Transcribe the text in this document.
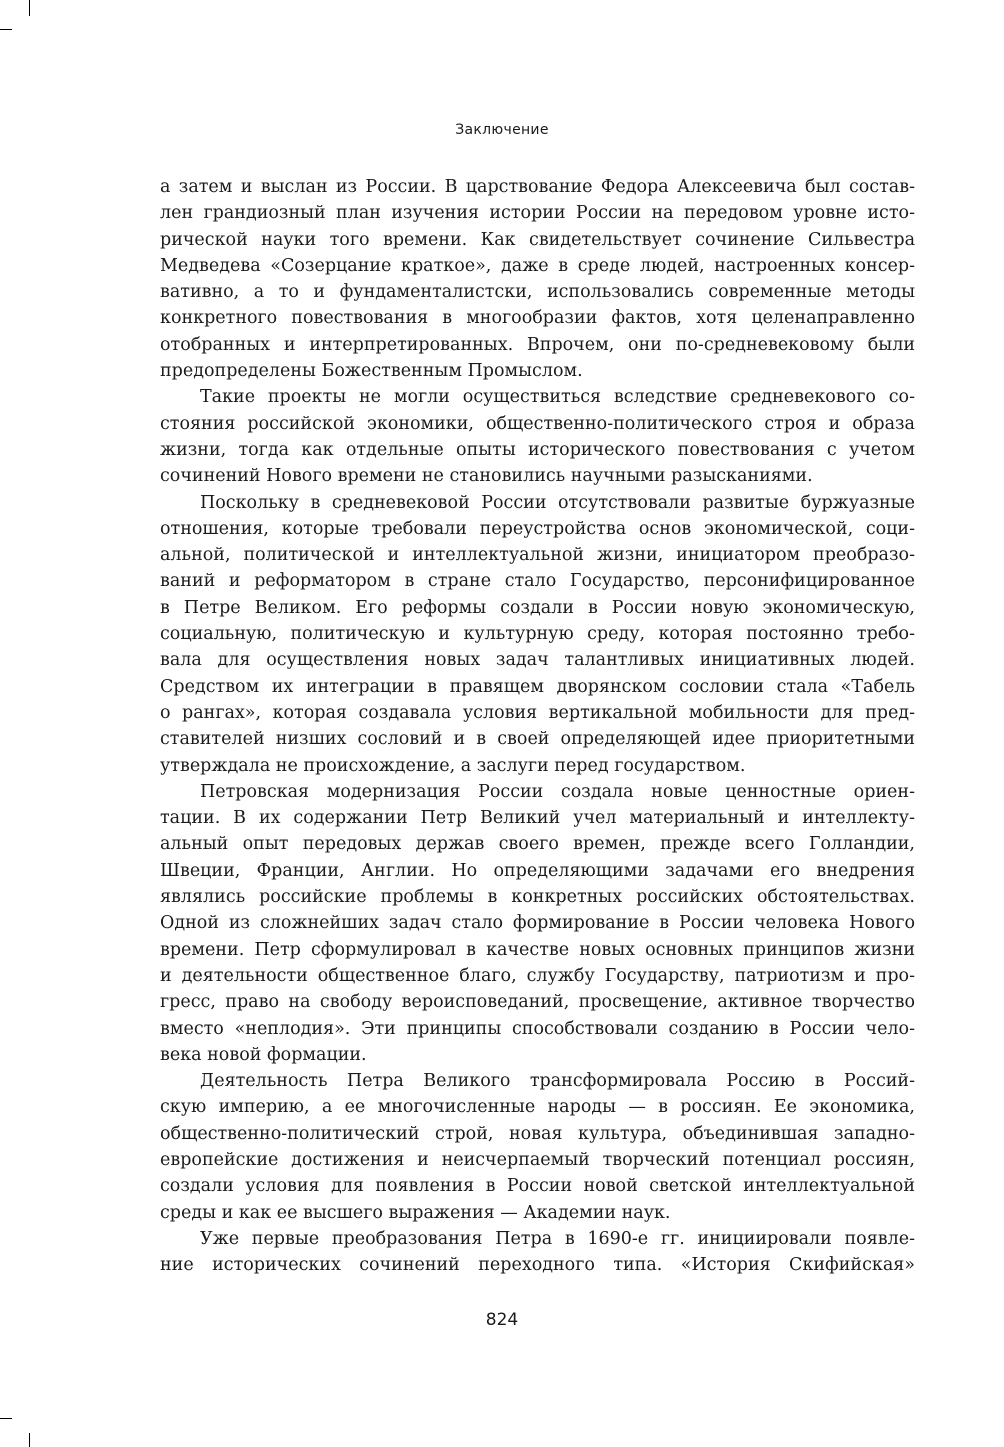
Заключение
а затем и выслан из России. В царствование Федора Алексеевича был состав-
лен грандиозный план изучения истории России на передовом уровне исто-
рической науки того времени. Как свидетельствует сочинение Сильвестра
Медведева «Созерцание краткое», даже в среде людей, настроенных консер-
вативно, а то и фундаменталистски, использовались современные методы
конкретного повествования в многообразии фактов, хотя целенаправленно
отобранных и интерпретированных. Впрочем, они по-средневековому были
предопределены Божественным Промыслом.
Такие проекты не могли осуществиться вследствие средневекового со-
стояния российской экономики, общественно-политического строя и образа
жизни, тогда как отдельные опыты исторического повествования с учетом
сочинений Нового времени не становились научными разысканиями.
Поскольку в средневековой России отсутствовали развитые буржуазные
отношения, которые требовали переустройства основ экономической, соци-
альной, политической и интеллектуальной жизни, инициатором преобразо-
ваний и реформатором в стране стало Государство, персонифицированное
в Петре Великом. Его реформы создали в России новую экономическую,
социальную, политическую и культурную среду, которая постоянно требо-
вала для осуществления новых задач талантливых инициативных людей.
Средством их интеграции в правящем дворянском сословии стала «Табель
о рангах», которая создавала условия вертикальной мобильности для пред-
ставителей низших сословий и в своей определяющей идее приоритетными
утверждала не происхождение, а заслуги перед государством.
Петровская модернизация России создала новые ценностные ориен-
тации. В их содержании Петр Великий учел материальный и интеллекту-
альный опыт передовых держав своего времен, прежде всего Голландии,
Швеции, Франции, Англии. Но определяющими задачами его внедрения
являлись российские проблемы в конкретных российских обстоятельствах.
Одной из сложнейших задач стало формирование в России человека Нового
времени. Петр сформулировал в качестве новых основных принципов жизни
и деятельности общественное благо, службу Государству, патриотизм и про-
гресс, право на свободу вероисповеданий, просвещение, активное творчество
вместо «неплодия». Эти принципы способствовали созданию в России чело-
века новой формации.
Деятельность Петра Великого трансформировала Россию в Россий-
скую империю, а ее многочисленные народы — в россиян. Ее экономика,
общественно-политический строй, новая культура, объединившая западно-
европейские достижения и неисчерпаемый творческий потенциал россиян,
создали условия для появления в России новой светской интеллектуальной
среды и как ее высшего выражения — Академии наук.
Уже первые преобразования Петра в 1690-е гг. инициировали появле-
ние исторических сочинений переходного типа. «История Скифийская»
824
